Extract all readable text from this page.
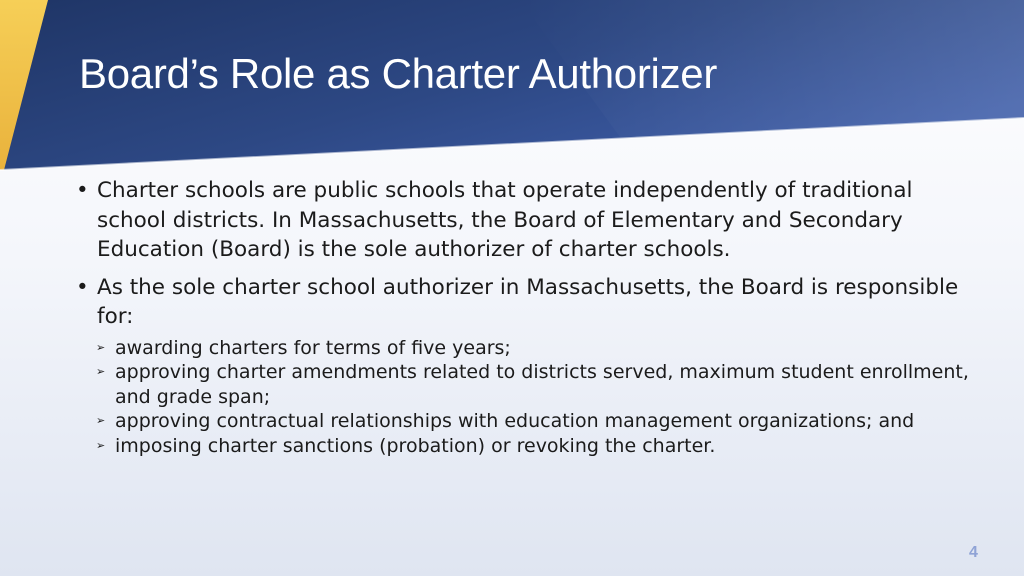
Board’s Role as Charter Authorizer
• Charter schools are public schools that operate independently of traditional school districts. In Massachusetts, the Board of Elementary and Secondary Education (Board) is the sole authorizer of charter schools.
• As the sole charter school authorizer in Massachusetts, the Board is responsible for:
➢ awarding charters for terms of five years;
➢ approving charter amendments related to districts served, maximum student enrollment, and grade span;
➢ approving contractual relationships with education management organizations; and
➢ imposing charter sanctions (probation) or revoking the charter.
4
